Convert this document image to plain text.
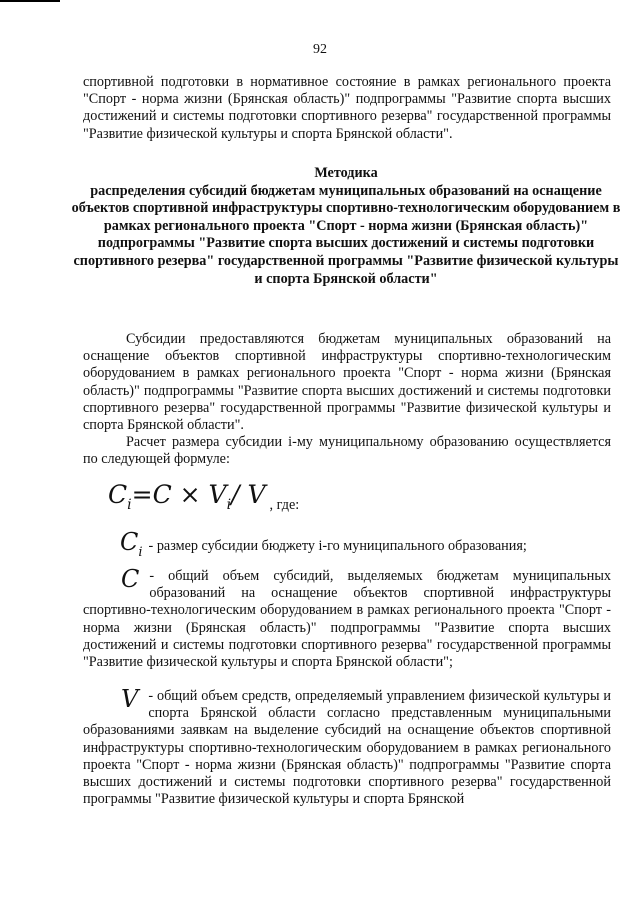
92

спортивной подготовки в нормативное состояние в рамках регионального проекта "Спорт - норма жизни (Брянская область)" подпрограммы "Развитие спорта высших достижений и системы подготовки спортивного резерва" государственной программы "Развитие физической культуры и спорта Брянской области".

Методика
распределения субсидий бюджетам муниципальных образований на оснащение объектов спортивной инфраструктуры спортивно-технологическим оборудованием в рамках регионального проекта "Спорт - норма жизни (Брянская область)" подпрограммы "Развитие спорта высших достижений и системы подготовки спортивного резерва" государственной программы "Развитие физической культуры и спорта Брянской области"

Субсидии предоставляются бюджетам муниципальных образований на оснащение объектов спортивной инфраструктуры спортивно-технологическим оборудованием в рамках регионального проекта "Спорт - норма жизни (Брянская область)" подпрограммы "Развитие спорта высших достижений и системы подготовки спортивного резерва" государственной программы "Развитие физической культуры и спорта Брянской области".

Расчет размера субсидии i-му муниципальному образованию осуществляется по следующей формуле:

$C_i=C \times V_i/$ V , где:
$C_i$ - размер субсидии бюджету i-го муниципального образования;
C - общий объем субсидий, выделяемых бюджетам муниципальных образований на оснащение объектов спортивной инфраструктуры спортивно-технологическим оборудованием в рамках регионального проекта "Спорт - норма жизни (Брянская область)" подпрограммы "Развитие спорта высших достижений и системы подготовки спортивного резерва" государственной программы "Развитие физической культуры и спорта Брянской области";
V - общий объем средств, определяемый управлением физической культуры и спорта Брянской области согласно представленным муниципальными образованиями заявкам на выделение субсидий на оснащение объектов спортивной инфраструктуры спортивно-технологическим оборудованием в рамках регионального проекта "Спорт - норма жизни (Брянская область)" подпрограммы "Развитие спорта высших достижений и системы подготовки спортивного резерва" государственной программы "Развитие физической культуры и спорта Брянской
